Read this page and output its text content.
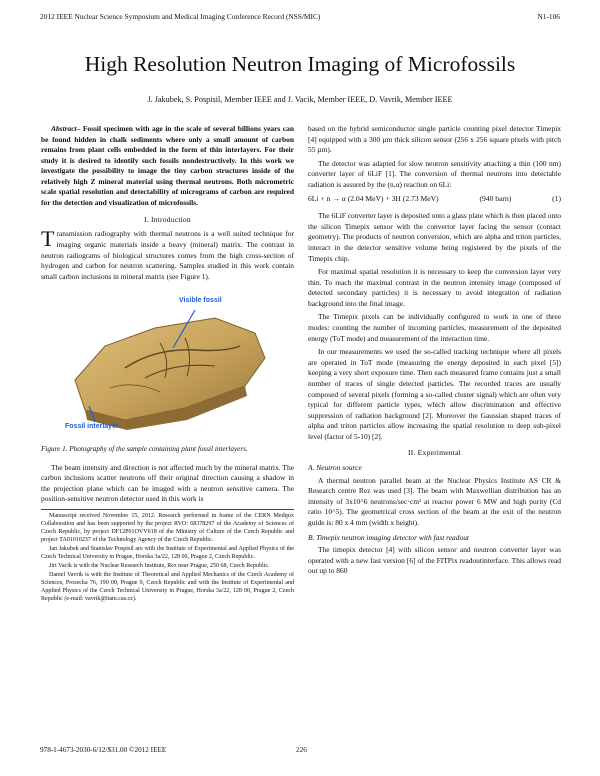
2012 IEEE Nuclear Science Symposium and Medical Imaging Conference Record (NSS/MIC)	N1-106
High Resolution Neutron Imaging of Microfossils
J. Jakubek, S. Pospisil, Member IEEE and J. Vacik, Member IEEE, D. Vavrik, Member IEEE

Abstract– Fossil specimen with age in the scale of several billions years can be found hidden in chalk sediments where only a small amount of carbon remains from plant cells embedded in the form of thin interlayers. For their study it is desired to identify such fossils nondestructively. In this work we investigate the possibility to image the tiny carbon structures inside of the relatively high Z mineral material using thermal neutrons. Both micrometric scale spatial resolution and detectability of micrograms of carbon are required for the detection and visualization of microfossils.

I. Introduction

Transmission radiography with thermal neutrons is a well suited technique for imaging organic materials inside a heavy (mineral) matrix. The contrast in neutron radiograms of biological structures comes from the high cross-section of hydrogen and carbon for neutron scattering. Samples studied in this work contain small carbon inclusions in mineral matrix (see Figure 1).

Visible fossil
Fossil interlayer

Figure 1. Photography of the sample containing plant fossil interlayers.

The beam intensity and direction is not affected much by the mineral matrix. The carbon inclusions scatter neutrons off their original direction causing a shadow in the projection plane which can be imaged with a neutron sensitive camera. The position-sensitive neutron detector used in this work is

Manuscript received November 15, 2012. Research performed in frame of the CERN Medipix Collaboration and has been supported by the project RVO: 68378297 of the Academy of Sciences of Czech Republic, by project DF12P01OVV018 of the Ministry of Culture of the Czech Republic and project TA01010237 of the Technology Agency of the Czech Republic.

Jan Jakubek and Stanislav Pospisil are with the Institute of Experimental and Applied Physics of the Czech Technical University in Prague, Horska 3a/22, 128 00, Prague 2, Czech Republic.

Jiri Vacik is with the Nuclear Research Institute, Rez near Prague, 250 68, Czech Republic.

Daniel Vavrik is with the Institute of Theoretical and Applied Mechanics of the Czech Academy of Sciences, Prosecka 76, 190 00, Prague 9, Czech Republic and with the Institute of Experimental and Applied Physics of the Czech Technical University in Prague, Horska 3a/22, 128 00, Prague 2, Czech Republic (e-mail: vavrik@itam.cas.cz).

based on the hybrid semiconductor single particle counting pixel detector Timepix [4] equipped with a 300 µm thick silicon sensor (256 x 256 square pixels with pitch 55 µm).

The detector was adapted for slow neutron sensitivity attaching a thin (100 nm) converter layer of 6LiF [1]. The conversion of thermal neutrons into detectable radiation is assured by the (n,α) reaction on 6Li:

6Li + n → α (2.04 MeV) + 3H (2.73 MeV)	(940 barn)	(1)

The 6LiF converter layer is deposited onto a glass plate which is then placed onto the silicon Timepix sensor with the convertor layer facing the sensor (contact geometry). The products of neutron conversion, which are alpha and triton particles, interact in the detector sensitive volume being registered by the pixels of the Timepix chip.

For maximal spatial resolution it is necessary to keep the conversion layer very thin. To reach the maximal contrast in the neutron intensity image (composed of detected secondary particles) it is necessary to avoid integration of radiation background into the final image.

The Timepix pixels can be individually configured to work in one of three modes: counting the number of incoming particles, measurement of the deposited energy (ToT mode) and measurement of the interaction time.

In our measurements we used the so-called tracking technique where all pixels are operated in ToT mode (measuring the energy deposited in each pixel [5]) keeping a very short exposure time. Then each measured frame contains just a small number of traces of single detected particles. The recorded traces are usually composed of several pixels (forming a so-called cluster signal) which are often very typical for different particle types, which allow discrimination and effective suppression of radiation background [2]. Moreover the Gaussian shaped traces of alpha and triton particles allow increasing the spatial resolution to deep sub-pixel level (factor of 5-10) [2].

II. Experimental
A. Neutron source

A thermal neutron parallel beam at the Nuclear Physics Institute AS CR & Research centre Rez was used [3]. The beam with Maxwellian distribution has an intensity of 3x10^6 neutrons/sec·cm² at reactor power 6 MW and high purity (Cd ratio 10^5). The geometrical cross section of the beam at the exit of the neutron guide is: 80 x 4 mm (width x height).

B. Timepix neutron imaging detector with fast readout

The timepix detector [4] with silicon sensor and neutron converter layer was operated with a new fast version [6] of the FITPix readoutinterface. This allows read out up to 860

978-1-4673-2030-6/12/$31.00 ©2012 IEEE	226
